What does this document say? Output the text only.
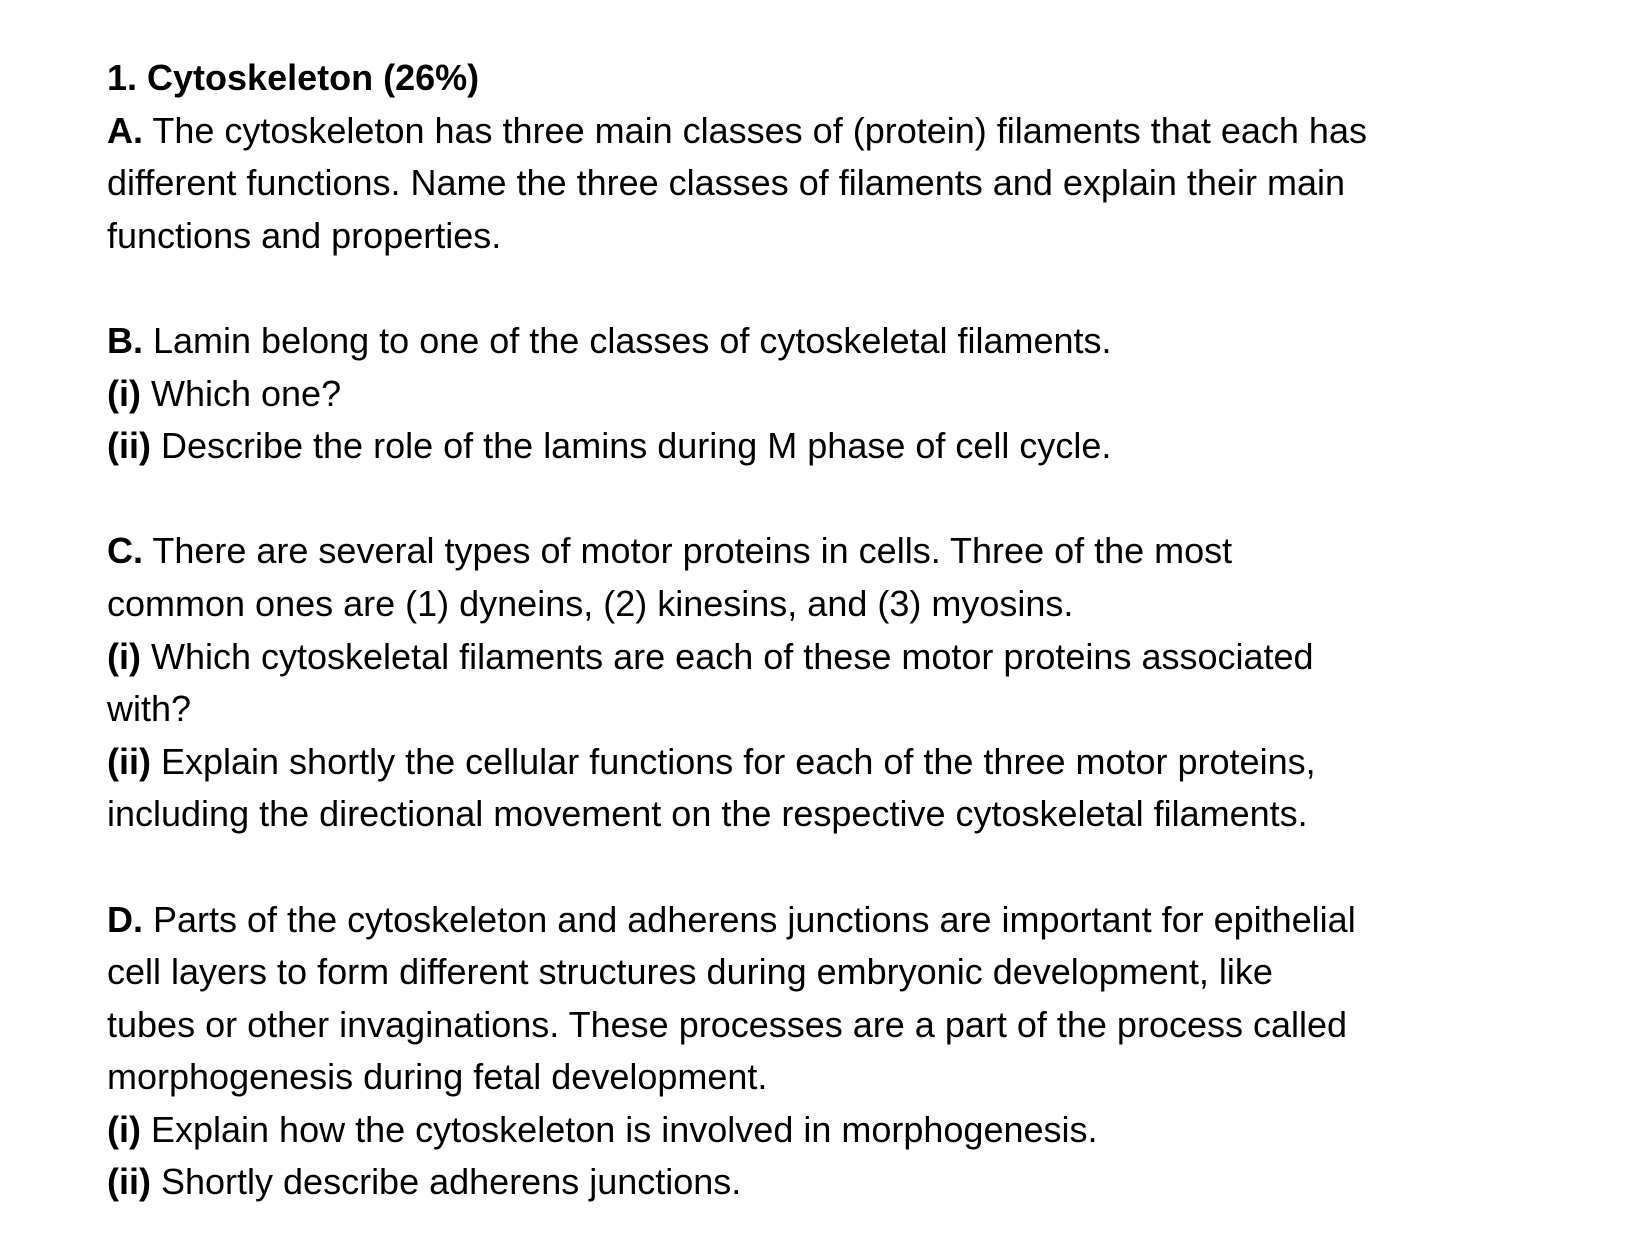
1. Cytoskeleton (26%)
A. The cytoskeleton has three main classes of (protein) filaments that each has
different functions. Name the three classes of filaments and explain their main
functions and properties.
B. Lamin belong to one of the classes of cytoskeletal filaments.
(i) Which one?
(ii) Describe the role of the lamins during M phase of cell cycle.
C. There are several types of motor proteins in cells. Three of the most
common ones are (1) dyneins, (2) kinesins, and (3) myosins.
(i) Which cytoskeletal filaments are each of these motor proteins associated
with?
(ii) Explain shortly the cellular functions for each of the three motor proteins,
including the directional movement on the respective cytoskeletal filaments.
D. Parts of the cytoskeleton and adherens junctions are important for epithelial
cell layers to form different structures during embryonic development, like
tubes or other invaginations. These processes are a part of the process called
morphogenesis during fetal development.
(i) Explain how the cytoskeleton is involved in morphogenesis.
(ii) Shortly describe adherens junctions.
